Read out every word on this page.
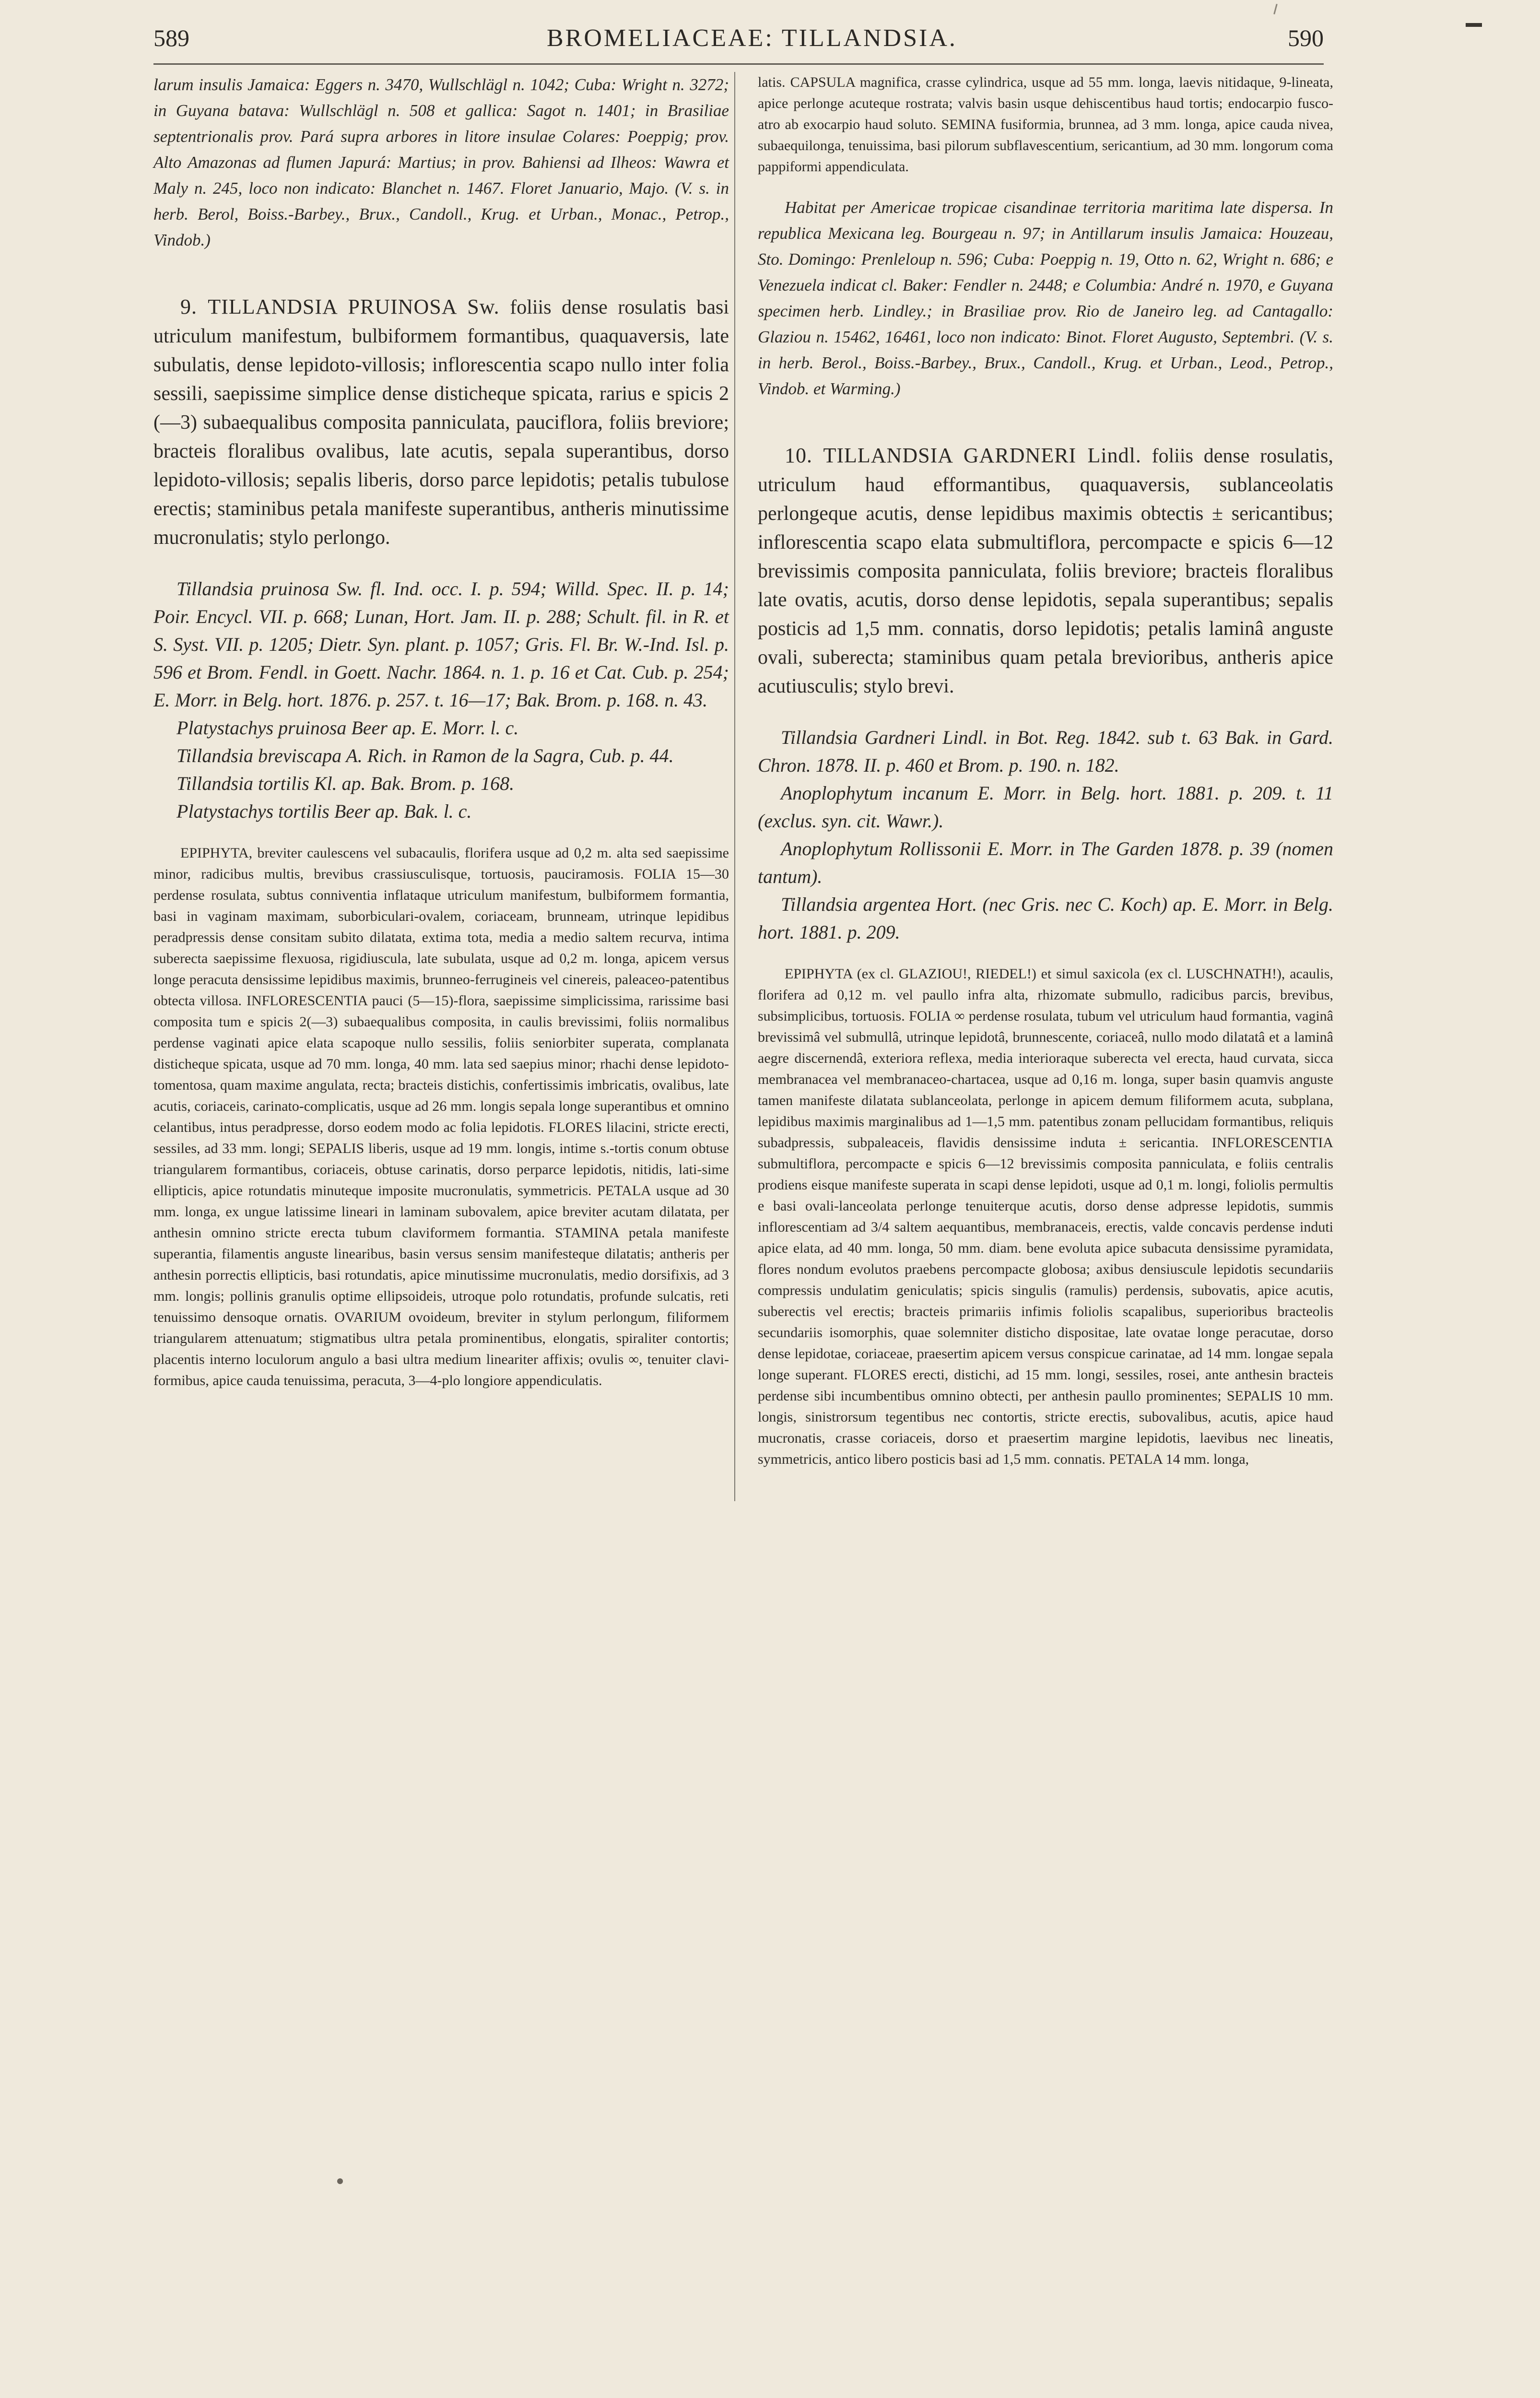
589	BROMELIACEAE: TILLANDSIA.	590

larum insulis Jamaica: Eggers n. 3470, Wullschlägl n. 1042; Cuba: Wright n. 3272; in Guyana batava: Wullschlägl n. 508 et gallica: Sagot n. 1401; in Brasiliae septentrionalis prov. Pará supra arbores in litore insulae Colares: Poeppig; prov. Alto Amazonas ad flumen Japurá: Martius; in prov. Bahiensi ad Ilheos: Wawra et Maly n. 245, loco non indicato: Blanchet n. 1467. Floret Januario, Majo. (V. s. in herb. Berol, Boiss.-Barbey., Brux., Candoll., Krug. et Urban., Monac., Petrop., Vindob.)

9. TILLANDSIA PRUINOSA Sw. foliis dense rosulatis basi utriculum manifestum, bulbiformem formantibus, quaquaversis, late subulatis, dense lepidoto-villosis; inflorescentia scapo nullo inter folia sessili, saepissime simplice dense disticheque spicata, rarius e spicis 2 (—3) subaequalibus composita panniculata, pauciflora, foliis breviore; bracteis floralibus ovalibus, late acutis, sepala superantibus, dorso lepidoto-villosis; sepalis liberis, dorso parce lepidotis; petalis tubulose erectis; staminibus petala manifeste superantibus, antheris minutissime mucronulatis; stylo perlongo.

Tillandsia pruinosa Sw. fl. Ind. occ. I. p. 594; Willd. Spec. II. p. 14; Poir. Encycl. VII. p. 668; Lunan, Hort. Jam. II. p. 288; Schult. fil. in R. et S. Syst. VII. p. 1205; Dietr. Syn. plant. p. 1057; Gris. Fl. Br. W.-Ind. Isl. p. 596 et Brom. Fendl. in Goett. Nachr. 1864. n. 1. p. 16 et Cat. Cub. p. 254; E. Morr. in Belg. hort. 1876. p. 257. t. 16—17; Bak. Brom. p. 168. n. 43.

Platystachys pruinosa Beer ap. E. Morr. l. c.

Tillandsia breviscapa A. Rich. in Ramon de la Sagra, Cub. p. 44.

Tillandsia tortilis Kl. ap. Bak. Brom. p. 168.

Platystachys tortilis Beer ap. Bak. l. c.

EPIPHYTA, breviter caulescens vel subacaulis, florifera usque ad 0,2 m. alta sed saepissime minor, radicibus multis, brevibus crassiusculisque, tortuosis, pauciramosis. FOLIA 15—30 perdense rosulata, subtus conniventia inflataque utriculum manifestum, bulbiformem formantia, basi in vaginam maximam, suborbiculari-ovalem, coriaceam, brunneam, utrinque lepidibus peradpressis dense consitam subito dilatata, extima tota, media a medio saltem recurva, intima suberecta saepissime flexuosa, rigidiuscula, late subulata, usque ad 0,2 m. longa, apicem versus longe peracuta densissime lepidibus maximis, brunneo-ferrugineis vel cinereis, paleaceo-patentibus obtecta villosa. INFLORESCENTIA pauci (5—15)-flora, saepissime simplicissima, rarissime basi composita tum e spicis 2(—3) subaequalibus composita, in caulis brevissimi, foliis normalibus perdense vaginati apice elata scapoque nullo sessilis, foliis seniorbiter superata, complanata disticheque spicata, usque ad 70 mm. longa, 40 mm. lata sed saepius minor; rhachi dense lepidoto-tomentosa, quam maxime angulata, recta; bracteis distichis, confertissimis imbricatis, ovalibus, late acutis, coriaceis, carinato-complicatis, usque ad 26 mm. longis sepala longe superantibus et omnino celantibus, intus peradpresse, dorso eodem modo ac folia lepidotis. FLORES lilacini, stricte erecti, sessiles, ad 33 mm. longi; SEPALIS liberis, usque ad 19 mm. longis, intime s.-tortis conum obtuse triangularem formantibus, coriaceis, obtuse carinatis, dorso perparce lepidotis, nitidis, lati-sime ellipticis, apice rotundatis minuteque imposite mucronulatis, symmetricis. PETALA usque ad 30 mm. longa, ex ungue latissime lineari in laminam subovalem, apice breviter acutam dilatata, per anthesin omnino stricte erecta tubum claviformem formantia. STAMINA petala manifeste superantia, filamentis anguste linearibus, basin versus sensim manifesteque dilatatis; antheris per anthesin porrectis ellipticis, basi rotundatis, apice minutissime mucronulatis, medio dorsifixis, ad 3 mm. longis; pollinis granulis optime ellipsoideis, utroque polo rotundatis, profunde sulcatis, reti tenuissimo densoque ornatis. OVARIUM ovoideum, breviter in stylum perlongum, filiformem triangularem attenuatum; stigmatibus ultra petala prominentibus, elongatis, spiraliter contortis; placentis interno loculorum angulo a basi ultra medium lineariter affixis; ovulis ∞, tenuiter clavi-formibus, apice cauda tenuissima, peracuta, 3—4-plo longiore appendiculatis.

latis. CAPSULA magnifica, crasse cylindrica, usque ad 55 mm. longa, laevis nitidaque, 9-lineata, apice perlonge acuteque rostrata; valvis basin usque dehiscentibus haud tortis; endocarpio fusco-atro ab exocarpio haud soluto. SEMINA fusiformia, brunnea, ad 3 mm. longa, apice cauda nivea, subaequilonga, tenuissima, basi pilorum subflavescentium, sericantium, ad 30 mm. longorum coma pappiformi appendiculata.

Habitat per Americae tropicae cisandinae territoria maritima late dispersa. In republica Mexicana leg. Bourgeau n. 97; in Antillarum insulis Jamaica: Houzeau, Sto. Domingo: Prenleloup n. 596; Cuba: Poeppig n. 19, Otto n. 62, Wright n. 686; e Venezuela indicat cl. Baker: Fendler n. 2448; e Columbia: André n. 1970, e Guyana specimen herb. Lindley.; in Brasiliae prov. Rio de Janeiro leg. ad Cantagallo: Glaziou n. 15462, 16461, loco non indicato: Binot. Floret Augusto, Septembri. (V. s. in herb. Berol., Boiss.-Barbey., Brux., Candoll., Krug. et Urban., Leod., Petrop., Vindob. et Warming.)

10. TILLANDSIA GARDNERI Lindl. foliis dense rosulatis, utriculum haud efformantibus, quaquaversis, sublanceolatis perlongeque acutis, dense lepidibus maximis obtectis ± sericantibus; inflorescentia scapo elata submultiflora, percompacte e spicis 6—12 brevissimis composita panniculata, foliis breviore; bracteis floralibus late ovatis, acutis, dorso dense lepidotis, sepala superantibus; sepalis posticis ad 1,5 mm. connatis, dorso lepidotis; petalis laminâ anguste ovali, suberecta; staminibus quam petala brevioribus, antheris apice acutiusculis; stylo brevi.

Tillandsia Gardneri Lindl. in Bot. Reg. 1842. sub t. 63 Bak. in Gard. Chron. 1878. II. p. 460 et Brom. p. 190. n. 182.

Anoplophytum incanum E. Morr. in Belg. hort. 1881. p. 209. t. 11 (exclus. syn. cit. Wawr.).

Anoplophytum Rollissonii E. Morr. in The Garden 1878. p. 39 (nomen tantum).

Tillandsia argentea Hort. (nec Gris. nec C. Koch) ap. E. Morr. in Belg. hort. 1881. p. 209.

EPIPHYTA (ex cl. GLAZIOU!, RIEDEL!) et simul saxicola (ex cl. LUSCHNATH!), acaulis, florifera ad 0,12 m. vel paullo infra alta, rhizomate submullo, radicibus parcis, brevibus, subsimplicibus, tortuosis. FOLIA ∞ perdense rosulata, tubum vel utriculum haud formantia, vaginâ brevissimâ vel submullâ, utrinque lepidotâ, brunnescente, coriaceâ, nullo modo dilatatâ et a laminâ aegre discernendâ, exteriora reflexa, media interioraque suberecta vel erecta, haud curvata, sicca membranacea vel membranaceo-chartacea, usque ad 0,16 m. longa, super basin quamvis anguste tamen manifeste dilatata sublanceolata, perlonge in apicem demum filiformem acuta, subplana, lepidibus maximis marginalibus ad 1—1,5 mm. patentibus zonam pellucidam formantibus, reliquis subadpressis, subpaleaceis, flavidis densissime induta ± sericantia. INFLORESCENTIA submultiflora, percompacte e spicis 6—12 brevissimis composita panniculata, e foliis centralis prodiens eisque manifeste superata in scapi dense lepidoti, usque ad 0,1 m. longi, foliolis permultis e basi ovali-lanceolata perlonge tenuiterque acutis, dorso dense adpresse lepidotis, summis inflorescentiam ad 3/4 saltem aequantibus, membranaceis, erectis, valde concavis perdense induti apice elata, ad 40 mm. longa, 50 mm. diam. bene evoluta apice subacuta densissime pyramidata, flores nondum evolutos praebens percompacte globosa; axibus densiuscule lepidotis secundariis compressis undulatim geniculatis; spicis singulis (ramulis) perdensis, subovatis, apice acutis, suberectis vel erectis; bracteis primariis infimis foliolis scapalibus, superioribus bracteolis secundariis isomorphis, quae solemniter disticho dispositae, late ovatae longe peracutae, dorso dense lepidotae, coriaceae, praesertim apicem versus conspicue carinatae, ad 14 mm. longae sepala longe superant. FLORES erecti, distichi, ad 15 mm. longi, sessiles, rosei, ante anthesin bracteis perdense sibi incumbentibus omnino obtecti, per anthesin paullo prominentes; SEPALIS 10 mm. longis, sinistrorsum tegentibus nec contortis, stricte erectis, subovalibus, acutis, apice haud mucronatis, crasse coriaceis, dorso et praesertim margine lepidotis, laevibus nec lineatis, symmetricis, antico libero posticis basi ad 1,5 mm. connatis. PETALA 14 mm. longa,
